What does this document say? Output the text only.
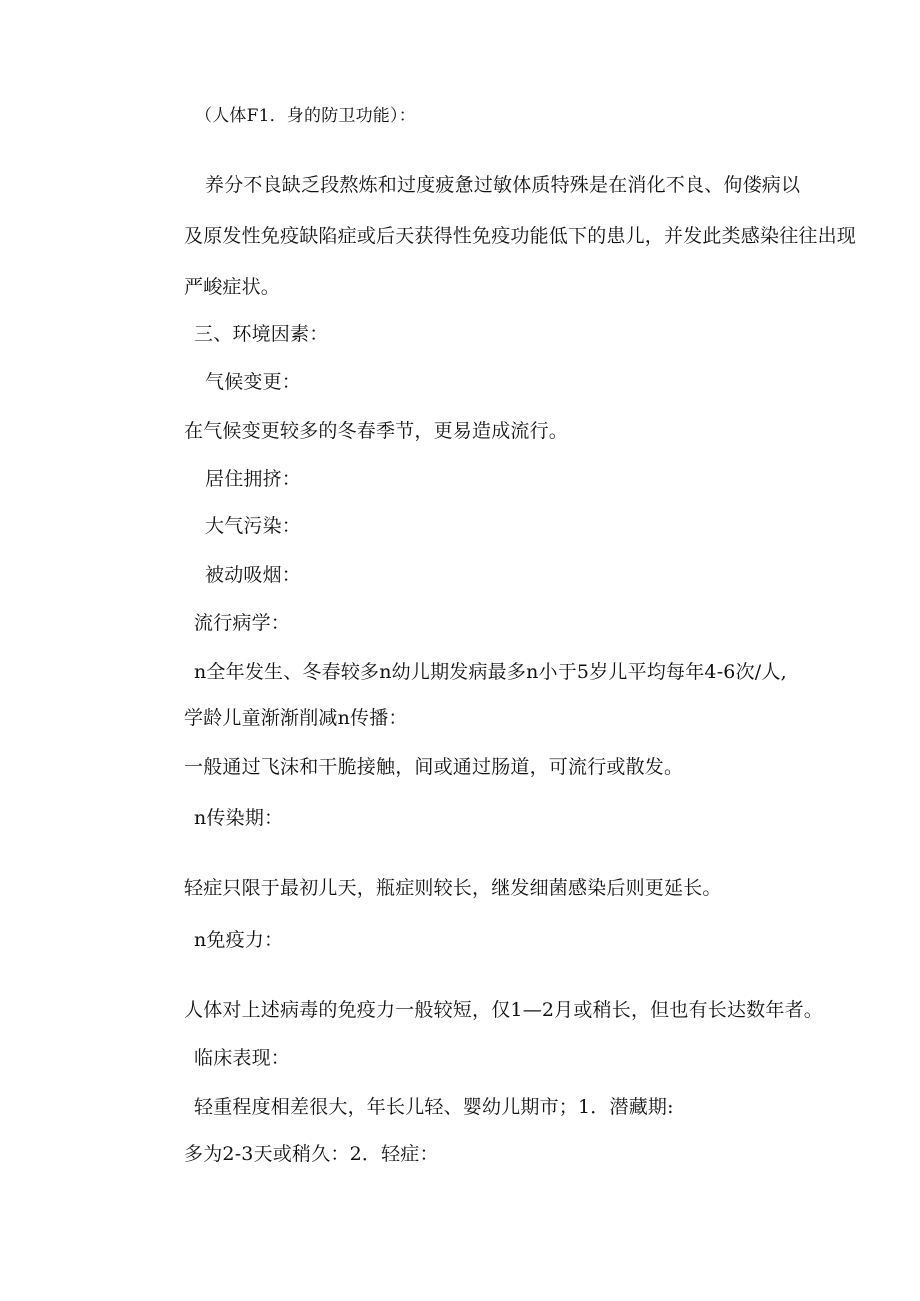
（人体F1．身的防卫功能）：
养分不良缺乏段熬炼和过度疲惫过敏体质特殊是在消化不良、佝偻病以
及原发性免疫缺陷症或后天获得性免疫功能低下的患儿，并发此类感染往往出现
严峻症状。
三、环境因素：
气候变更：
在气候变更较多的冬春季节，更易造成流行。
居住拥挤：
大气污染：
被动吸烟：
流行病学：
n全年发生、冬春较多n幼儿期发病最多n小于5岁儿平均每年4-6次/人,
学龄儿童渐渐削减n传播：
一般通过飞沫和干脆接触，间或通过肠道，可流行或散发。
n传染期：
轻症只限于最初儿天，瓶症则较长，继发细菌感染后则更延长。
n免疫力：
人体对上述病毒的免疫力一般较短，仅1—2月或稍长，但也有长达数年者。
临床表现：
轻重程度相差很大，年长儿轻、婴幼儿期市；1．潜藏期:
多为2-3天或稍久：2．轻症：
